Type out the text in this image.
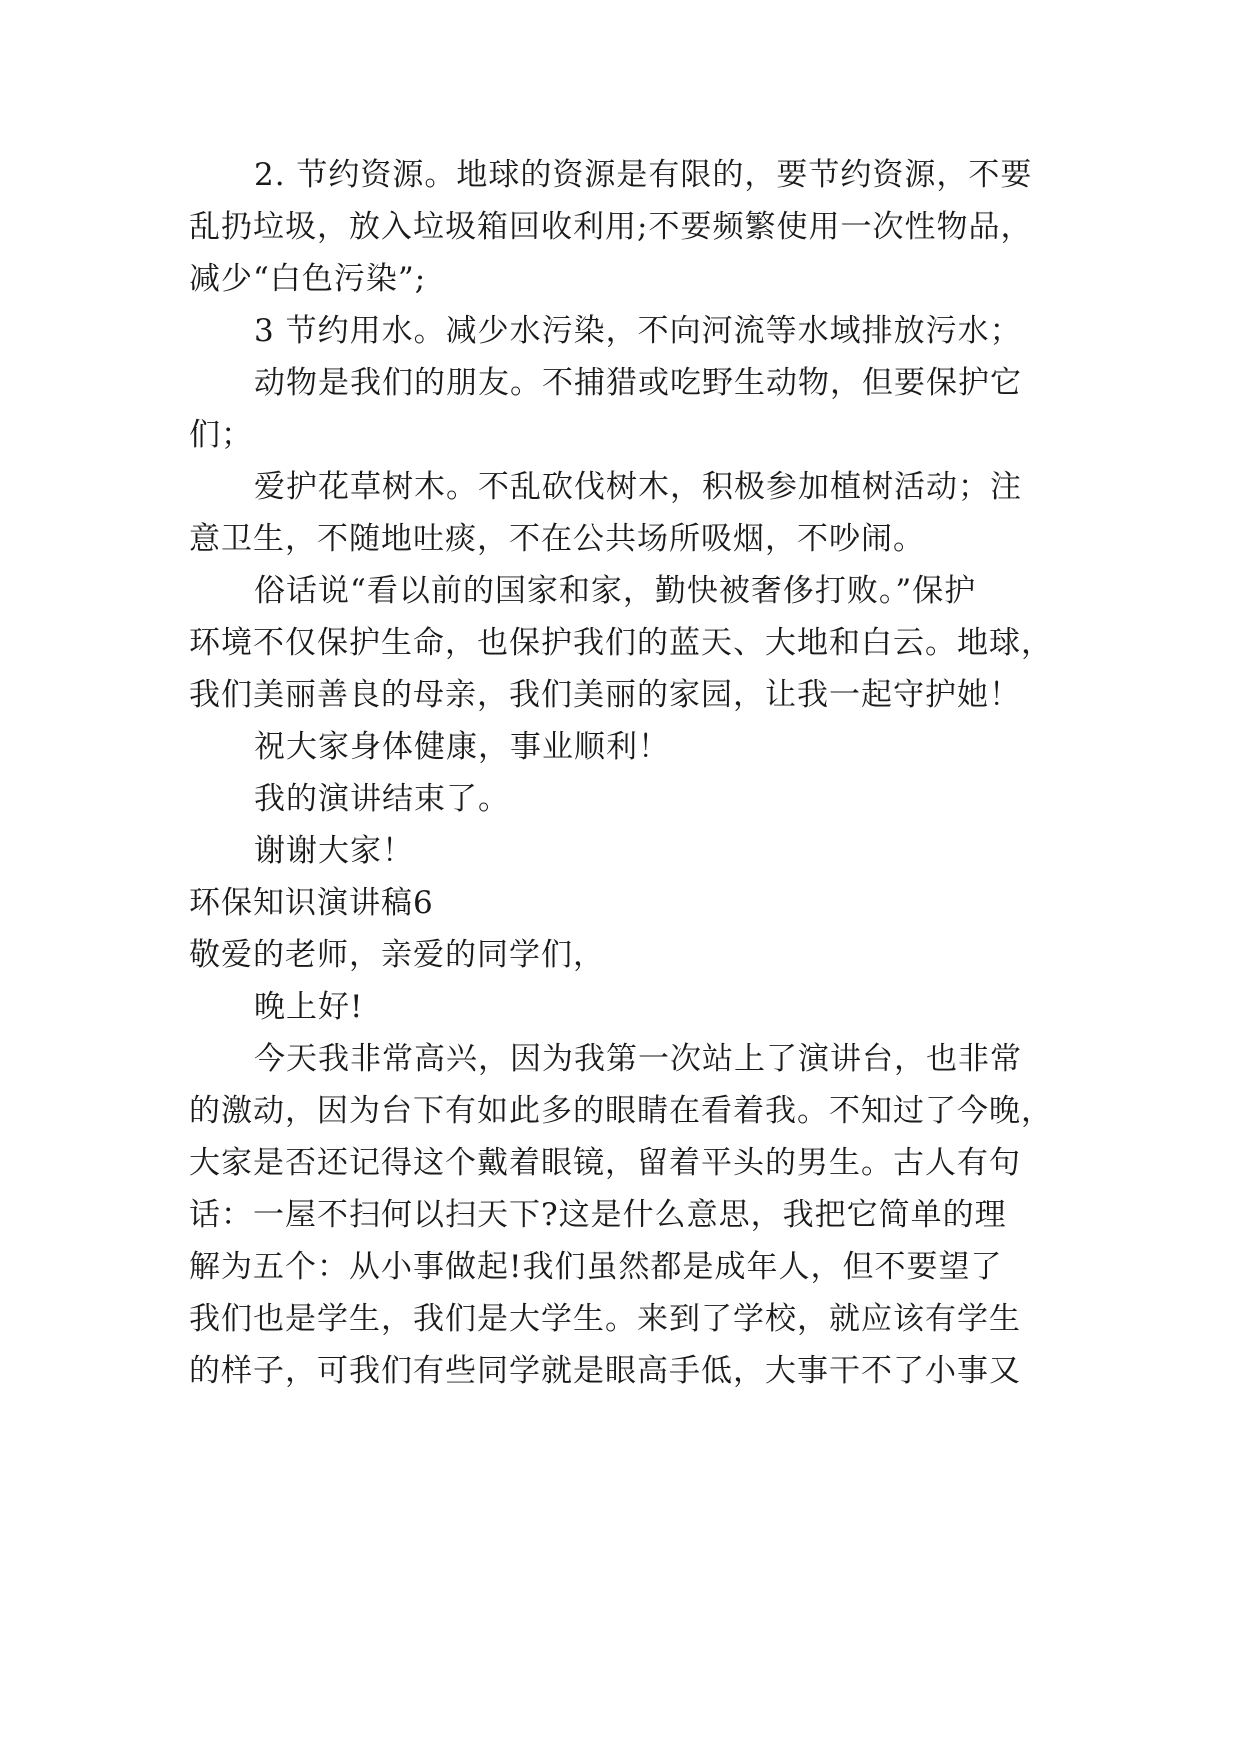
2. 节约资源。地球的资源是有限的，要节约资源，不要
乱扔垃圾，放入垃圾箱回收利用;不要频繁使用一次性物品，
减少“白色污染”;
3 节约用水。减少水污染，不向河流等水域排放污水；
动物是我们的朋友。不捕猎或吃野生动物，但要保护它
们；
爱护花草树木。不乱砍伐树木，积极参加植树活动；注
意卫生，不随地吐痰，不在公共场所吸烟，不吵闹。
俗话说“看以前的国家和家，勤快被奢侈打败。”保护
环境不仅保护生命，也保护我们的蓝天、大地和白云。地球，
我们美丽善良的母亲，我们美丽的家园，让我一起守护她！
祝大家身体健康，事业顺利！
我的演讲结束了。
谢谢大家！
环保知识演讲稿6
敬爱的老师，亲爱的同学们，
晚上好!
今天我非常高兴，因为我第一次站上了演讲台，也非常
的激动，因为台下有如此多的眼睛在看着我。不知过了今晚，
大家是否还记得这个戴着眼镜，留着平头的男生。古人有句
话：一屋不扫何以扫天下?这是什么意思，我把它简单的理
解为五个：从小事做起!我们虽然都是成年人，但不要望了
我们也是学生，我们是大学生。来到了学校，就应该有学生
的样子，可我们有些同学就是眼高手低，大事干不了小事又
